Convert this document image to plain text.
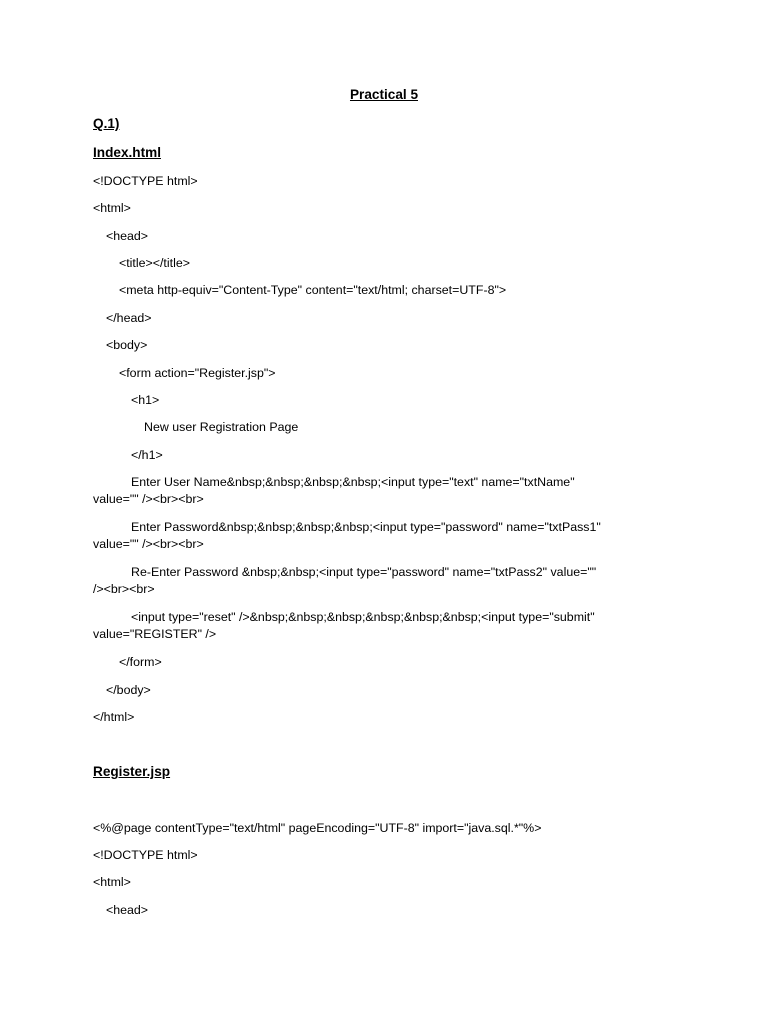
Practical 5

Q.1)

Index.html

<!DOCTYPE html>

<html>

<head>

<title></title>

<meta http-equiv="Content-Type" content="text/html; charset=UTF-8">

</head>

<body>

<form action="Register.jsp">

<h1>

New user Registration Page

</h1>

Enter User Name&nbsp;&nbsp;&nbsp;&nbsp;<input type="text" name="txtName"

value="" /><br><br>

Enter Password&nbsp;&nbsp;&nbsp;&nbsp;<input type="password" name="txtPass1"

value="" /><br><br>

Re-Enter Password &nbsp;&nbsp;<input type="password" name="txtPass2" value=""

/><br><br>

<input type="reset" />&nbsp;&nbsp;&nbsp;&nbsp;&nbsp;&nbsp;<input type="submit"

value="REGISTER" />

</form>

</body>

</html>

Register.jsp

<%@page contentType="text/html" pageEncoding="UTF-8" import="java.sql.*"%>

<!DOCTYPE html>

<html>

<head>
